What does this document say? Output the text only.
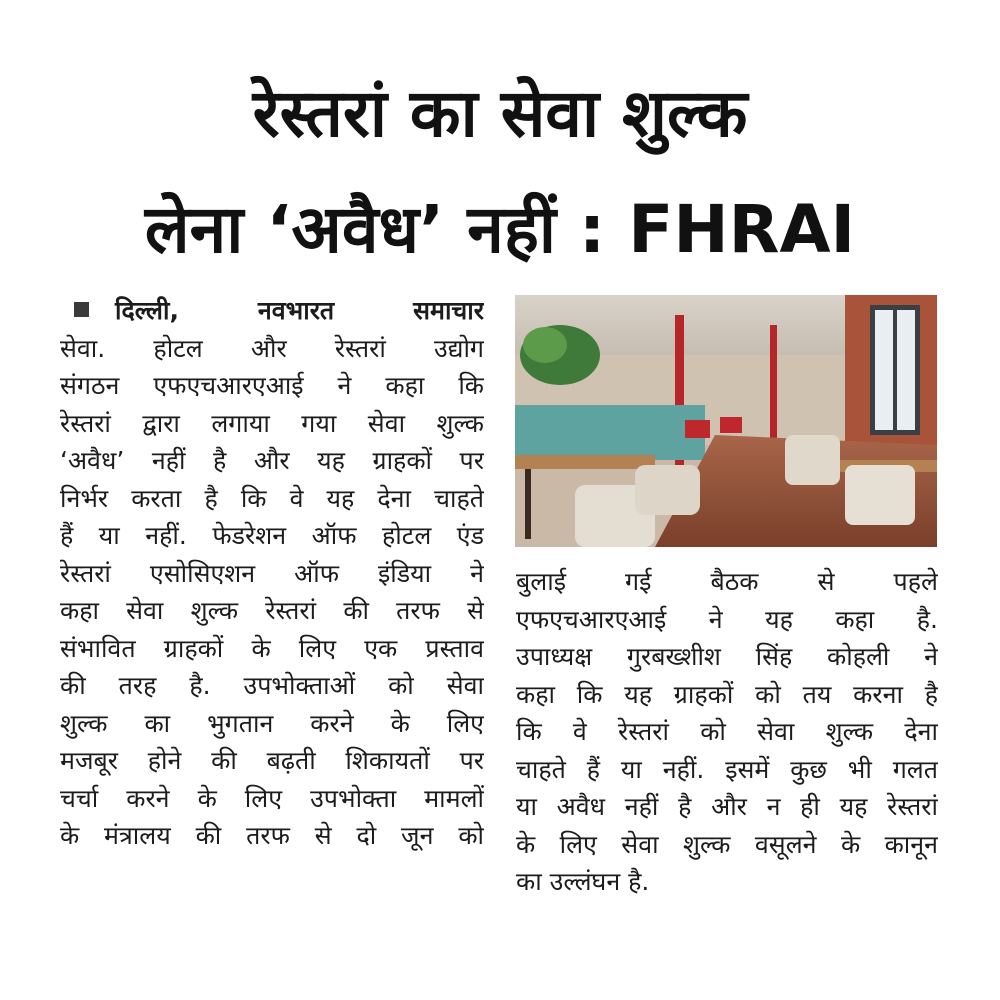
रेस्तरां का सेवा शुल्क
लेना ‘अवैध’ नहीं : FHRAI
दिल्ली, नवभारत समाचार
सेवा. होटल और रेस्तरां उद्योग
संगठन एफएचआरएआई ने कहा कि
रेस्तरां द्वारा लगाया गया सेवा शुल्क
‘अवैध’ नहीं है और यह ग्राहकों पर
निर्भर करता है कि वे यह देना चाहते
हैं या नहीं. फेडरेशन ऑफ होटल एंड
रेस्तरां एसोसिएशन ऑफ इंडिया ने
कहा सेवा शुल्क रेस्तरां की तरफ से
संभावित ग्राहकों के लिए एक प्रस्ताव
की तरह है. उपभोक्ताओं को सेवा
शुल्क का भुगतान करने के लिए
मजबूर होने की बढ़ती शिकायतों पर
चर्चा करने के लिए उपभोक्ता मामलों
के मंत्रालय की तरफ से दो जून को
बुलाई गई बैठक से पहले
एफएचआरएआई ने यह कहा है.
उपाध्यक्ष गुरबख्शीश सिंह कोहली ने
कहा कि यह ग्राहकों को तय करना है
कि वे रेस्तरां को सेवा शुल्क देना
चाहते हैं या नहीं. इसमें कुछ भी गलत
या अवैध नहीं है और न ही यह रेस्तरां
के लिए सेवा शुल्क वसूलने के कानून
का उल्लंघन है.
